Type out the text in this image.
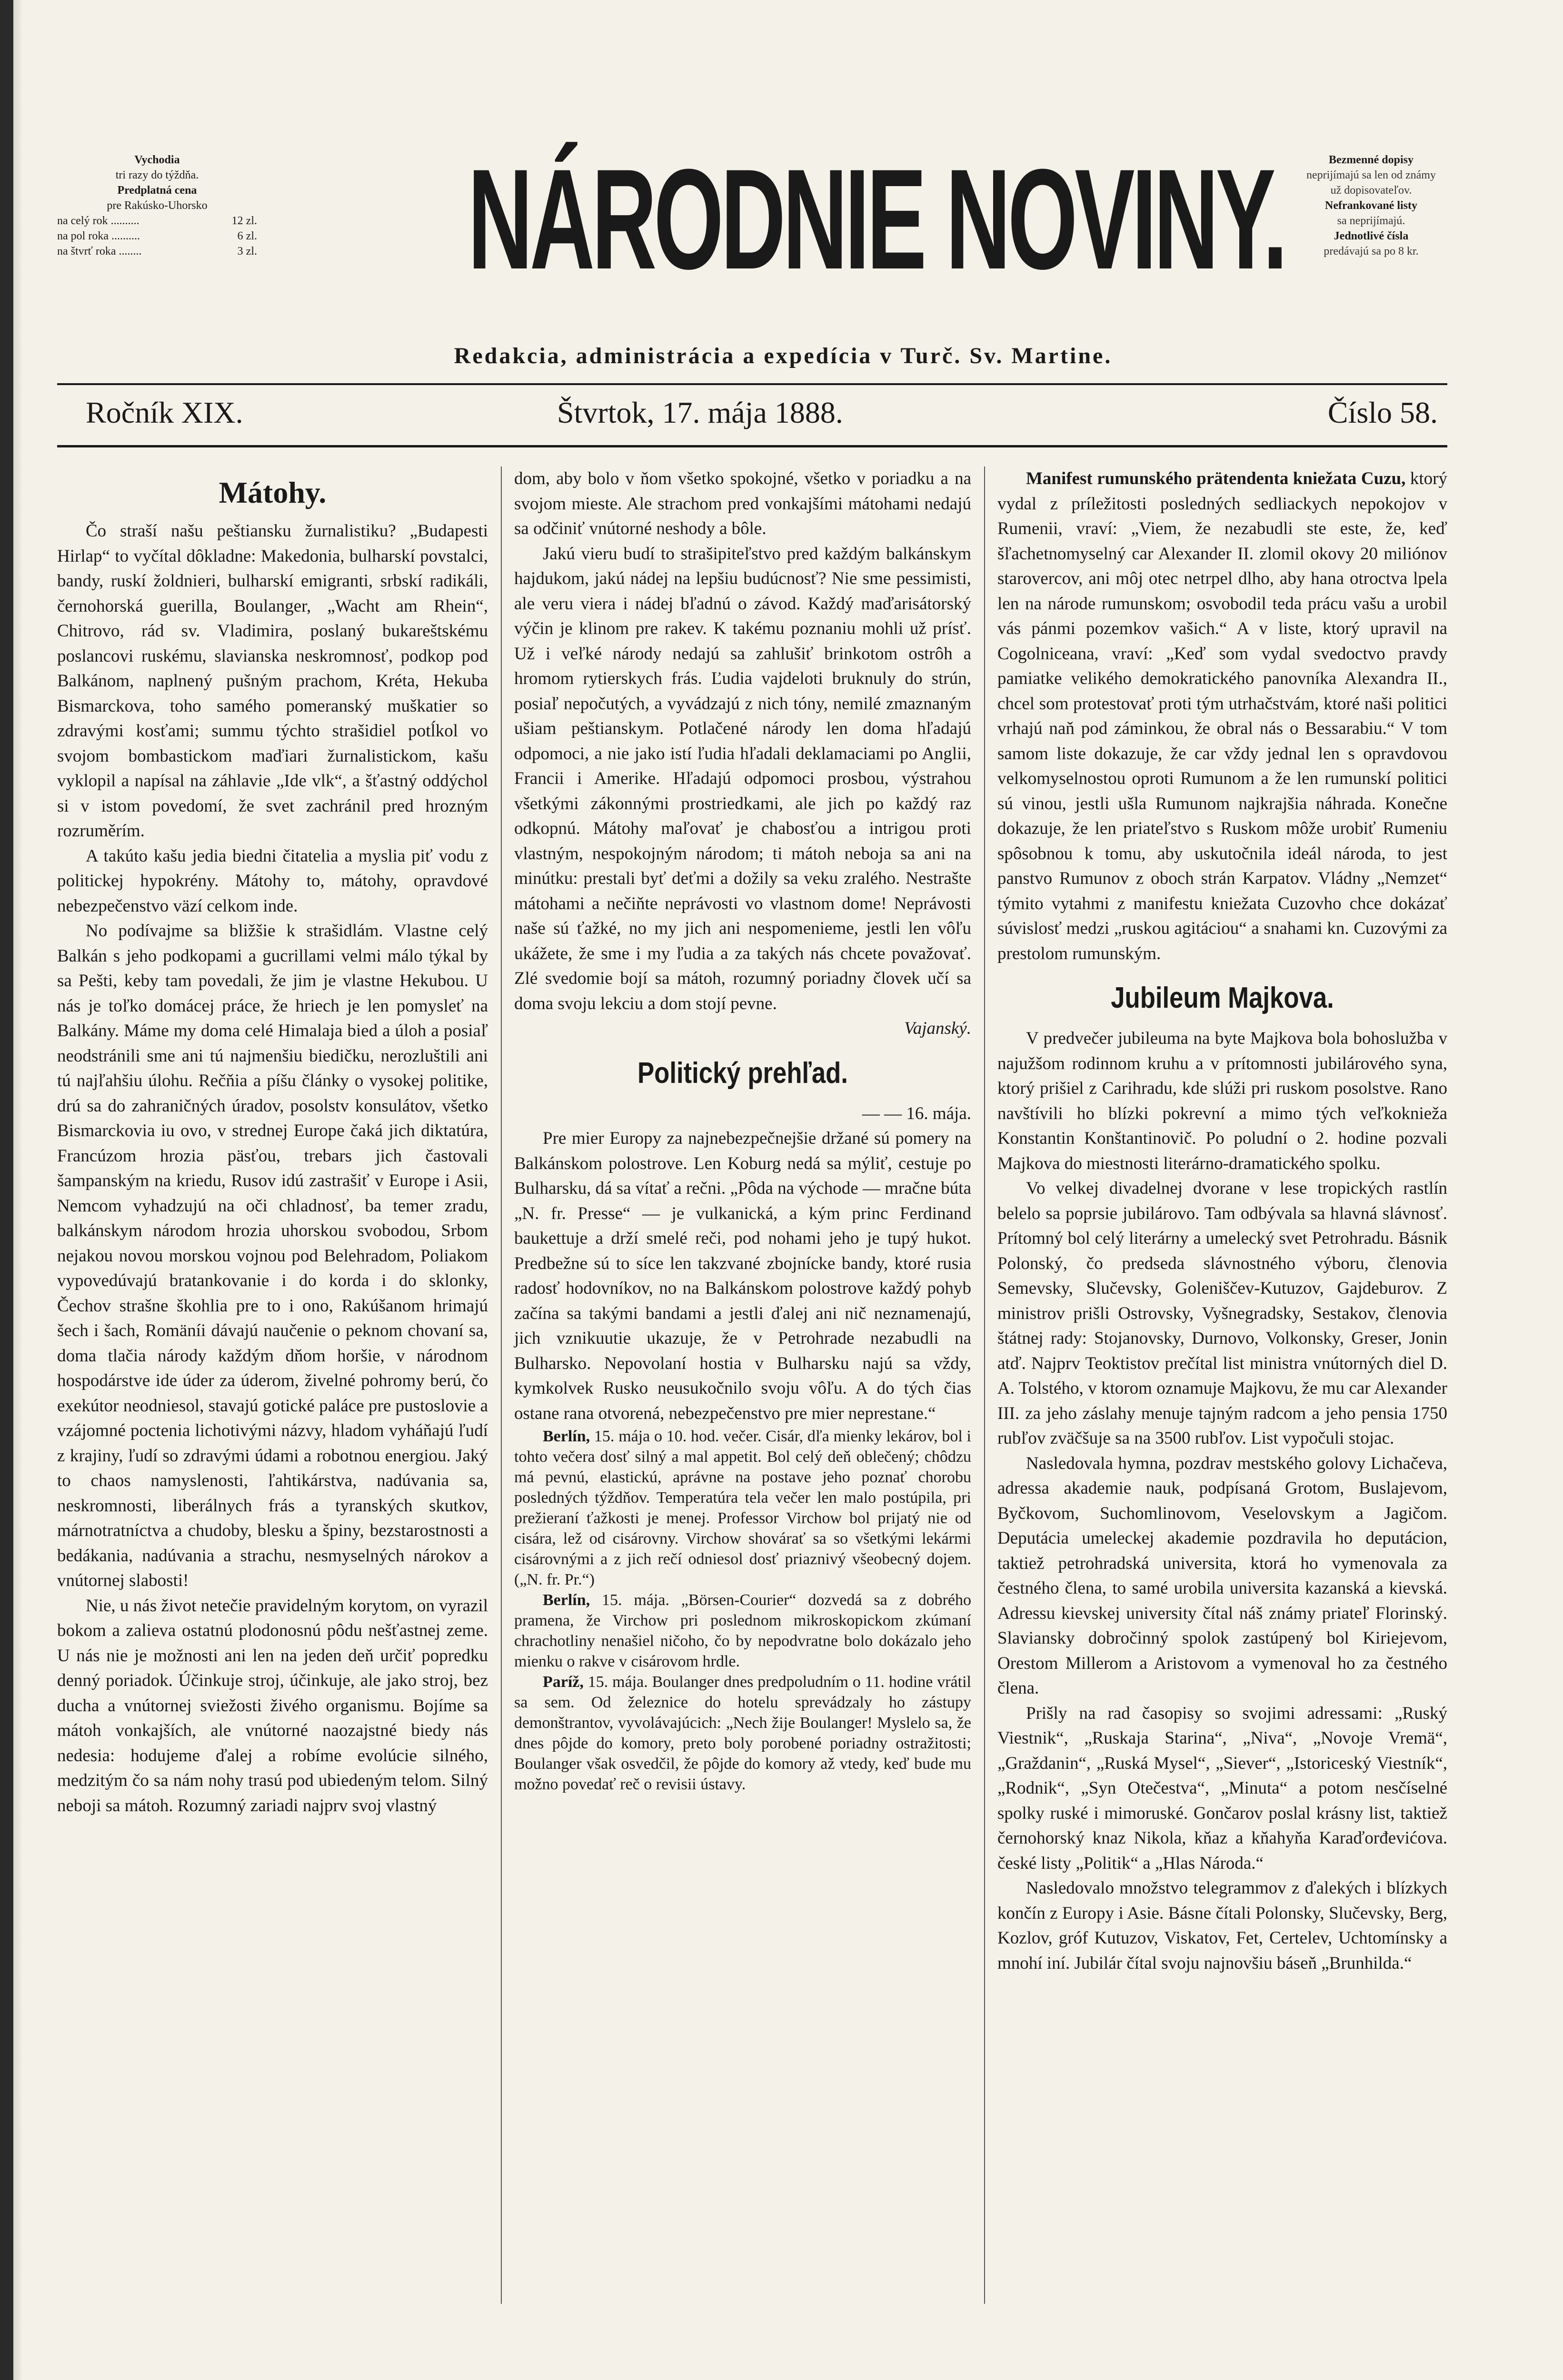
Vychodia
tri razy do týždňa.
Predplatná cena
pre Rakúsko-Uhorsko
na celý rok ..........	12 zl.
na pol roka ..........	6 zl.
na štvrť roka ........	3 zl. NÁRODNIE NOVINY.	Bezmenné dopisy
neprijímajú sa len od známy
už dopisovateľov.
Nefrankované listy
sa neprijímajú.
Jednotlivé čísla
predávajú sa po 8 kr.
Redakcia, administrácia a expedícia v Turč. Sv. Martine.
Ročník XIX.	Štvrtok, 17. mája 1888.	Číslo 58.
Mátohy.

Čo straší našu peštiansku žurnalistiku? „Budapesti Hirlap“ to vyčítal dôkladne: Makedonia, bulharskí povstalci, bandy, ruskí žoldnieri, bulharskí emigranti, srbskí radikáli, černohorská guerilla, Boulanger, „Wacht am Rhein“, Chitrovo, rád sv. Vladimira, poslaný bukareštskému poslancovi ruskému, slavianska neskromnosť, podkop pod Balkánom, naplnený pušným prachom, Kréta, Hekuba Bismarckova, toho samého pomeranský muškatier so zdravými kosťami; summu týchto strašidiel potĺkol vo svojom bombastickom maďiari žurnalistickom, kašu vyklopil a napísal na záhlavie „Ide vlk“, a šťastný oddýchol si v istom povedomí, že svet zachránil pred hrozným rozruměrím.

A takúto kašu jedia biedni čitatelia a myslia piť vodu z politickej hypokrény. Mátohy to, mátohy, opravdové nebezpečenstvo väzí celkom inde.

No podívajme sa bližšie k strašidlám. Vlastne celý Balkán s jeho podkopami a gucrillami velmi málo týkal by sa Pešti, keby tam povedali, že jim je vlastne Hekubou. U nás je toľko domácej práce, že hriech je len pomysleť na Balkány. Máme my doma celé Himalaja bied a úloh a posiaľ neodstránili sme ani tú najmenšiu biedičku, nerozluštili ani tú najľahšiu úlohu. Rečňia a píšu články o vysokej politike, drú sa do zahraničných úradov, posolstv konsulátov, všetko Bismarckovia iu ovo, v strednej Europe čaká jich diktatúra, Francúzom hrozia päsťou, trebars jich častovali šampanským na kriedu, Rusov idú zastrašiť v Europe i Asii, Nemcom vyhadzujú na oči chladnosť, ba temer zradu, balkánskym národom hrozia uhorskou svobodou, Srbom nejakou novou morskou vojnou pod Belehradom, Poliakom vypovedúvajú bratankovanie i do korda i do sklonky, Čechov strašne škohlia pre to i ono, Rakúšanom hrimajú šech i šach, Romäníi dávajú naučenie o peknom chovaní sa, doma tlačia národy každým dňom horšie, v národnom hospodárstve ide úder za úderom, živelné pohromy berú, čo exekútor neodniesol, stavajú gotické paláce pre pustoslovie a vzájomné poctenia lichotivými názvy, hladom vyháňajú ľudí z krajiny, ľudí so zdravými údami a robotnou energiou. Jaký to chaos namyslenosti, ľahtikárstva, nadúvania sa, neskromnosti, liberálnych frás a tyranských skutkov, márnotratníctva a chudoby, blesku a špiny, bezstarostnosti a bedákania, nadúvania a strachu, nesmyselných nárokov a vnútornej slabosti!

Nie, u nás život netečie pravidelným korytom, on vyrazil bokom a zalieva ostatnú plodonosnú pôdu nešťastnej zeme. U nás nie je možnosti ani len na jeden deň určiť popredku denný poriadok. Účinkuje stroj, účinkuje, ale jako stroj, bez ducha a vnútornej sviežosti živého organismu. Bojíme sa mátoh vonkajších, ale vnútorné naozajstné biedy nás nedesia: hodujeme ďalej a robíme evolúcie silného, medzitým čo sa nám nohy trasú pod ubiedeným telom. Silný neboji sa mátoh. Rozumný zariadi najprv svoj vlastný

dom, aby bolo v ňom všetko spokojné, všetko v poriadku a na svojom mieste. Ale strachom pred vonkajšími mátohami nedajú sa odčiniť vnútorné neshody a bôle.

Jakú vieru budí to strašipiteľstvo pred každým balkánskym hajdukom, jakú nádej na lepšiu budúcnosť? Nie sme pessimisti, ale veru viera i nádej bľadnú o závod. Každý maďarisátorský výčin je klinom pre rakev. K takému poznaniu mohli už prísť. Už i veľké národy nedajú sa zahlušiť brinkotom ostrôh a hromom rytierskych frás. Ľudia vajdeloti bruknuly do strún, posiaľ nepočutých, a vyvádzajú z nich tóny, nemilé zmaznaným ušiam peštianskym. Potlačené národy len doma hľadajú odpomoci, a nie jako istí ľudia hľadali deklamaciami po Anglii, Francii i Amerike. Hľadajú odpomoci prosbou, výstrahou všetkými zákonnými prostriedkami, ale jich po každý raz odkopnú. Mátohy maľovať je chabosťou a intrigou proti vlastným, nespokojným národom; ti mátoh neboja sa ani na minútku: prestali byť deťmi a dožily sa veku zralého. Nestrašte mátohami a nečiňte neprávosti vo vlastnom dome! Neprávosti naše sú ťažké, no my jich ani nespomenieme, jestli len vôľu ukážete, že sme i my ľudia a za takých nás chcete považovať. Zlé svedomie bojí sa mátoh, rozumný poriadny človek učí sa doma svoju lekciu a dom stojí pevne.

Vajanský.
Politický prehľad.
— — 16. mája.

Pre mier Europy za najnebezpečnejšie držané sú pomery na Balkánskom polostrove. Len Koburg nedá sa mýliť, cestuje po Bulharsku, dá sa vítať a rečni. „Pôda na východe — mračne búta „N. fr. Presse“ — je vulkanická, a kým princ Ferdinand baukettuje a drží smelé reči, pod nohami jeho je tupý hukot. Predbežne sú to síce len takzvané zbojnícke bandy, ktoré rusia radosť hodovníkov, no na Balkánskom polostrove každý pohyb začína sa takými bandami a jestli ďalej ani nič neznamenajú, jich vznikuutie ukazuje, že v Petrohrade nezabudli na Bulharsko. Nepovolaní hostia v Bulharsku najú sa vždy, kymkolvek Rusko neusukočnilo svoju vôľu. A do tých čias ostane rana otvorená, nebezpečenstvo pre mier neprestane.“

Berlín, 15. mája o 10. hod. večer. Cisár, dľa mienky lekárov, bol i tohto večera dosť silný a mal appetit. Bol celý deň oblečený; chôdzu má pevnú, elastickú, aprávne na postave jeho poznať chorobu posledných týždňov. Temperatúra tela večer len malo postúpila, pri prežieraní ťažkosti je menej. Professor Virchow bol prijatý nie od cisára, lež od cisárovny. Virchow shovárať sa so všetkými lekármi cisárovnými a z jich rečí odniesol dosť priaznivý všeobecný dojem. („N. fr. Pr.“)

Berlín, 15. mája. „Börsen-Courier“ dozvedá sa z dobrého pramena, že Virchow pri poslednom mikroskopickom zkúmaní chrachotliny nenašiel ničoho, čo by nepodvratne bolo dokázalo jeho mienku o rakve v cisárovom hrdle.

Paríž, 15. mája. Boulanger dnes predpoludním o 11. hodine vrátil sa sem. Od železnice do hotelu sprevádzaly ho zástupy demonštrantov, vyvolávajúcich: „Nech žije Boulanger! Myslelo sa, že dnes pôjde do komory, preto boly porobené poriadny ostražitosti; Boulanger však osvedčil, že pôjde do komory až vtedy, keď bude mu možno povedať reč o revisii ústavy.

Manifest rumunského prätendenta kniežata Cuzu, ktorý vydal z príležitosti posledných sedliackych nepokojov v Rumenii, vraví: „Viem, že nezabudli ste este, že, keď šľachetnomyselný car Alexander II. zlomil okovy 20 miliónov starovercov, ani môj otec netrpel dlho, aby hana otroctva lpela len na národe rumunskom; osvobodil teda prácu vašu a urobil vás pánmi pozemkov vašich.“ A v liste, ktorý upravil na Cogolniceana, vraví: „Keď som vydal svedoctvo pravdy pamiatke velikého demokratického panovníka Alexandra II., chcel som protestovať proti tým utrhačstvám, ktoré naši politici vrhajú naň pod záminkou, že obral nás o Bessarabiu.“ V tom samom liste dokazuje, že car vždy jednal len s opravdovou velkomyselnostou oproti Rumunom a že len rumunskí politici sú vinou, jestli ušla Rumunom najkrajšia náhrada. Konečne dokazuje, že len priateľstvo s Ruskom môže urobiť Rumeniu spôsobnou k tomu, aby uskutočnila ideál národa, to jest panstvo Rumunov z oboch strán Karpatov. Vládny „Nemzet“ týmito vytahmi z manifestu kniežata Cuzovho chce dokázať súvislosť medzi „ruskou agitáciou“ a snahami kn. Cuzovými za prestolom rumunským.

Jubileum Majkova.

V predvečer jubileuma na byte Majkova bola bohoslužba v najužšom rodinnom kruhu a v prítomnosti jubilárového syna, ktorý prišiel z Carihradu, kde slúži pri ruskom posolstve. Rano navštívili ho blízki pokrevní a mimo tých veľkoknieža Konstantin Konštantinovič. Po poludní o 2. hodine pozvali Majkova do miestnosti literárno-dramatického spolku.

Vo velkej divadelnej dvorane v lese tropických rastlín belelo sa poprsie jubilárovo. Tam odbývala sa hlavná slávnosť. Prítomný bol celý literárny a umelecký svet Petrohradu. Básnik Polonský, čo predseda slávnostného výboru, členovia Semevsky, Slučevsky, Goleniščev-Kutuzov, Gajdeburov. Z ministrov prišli Ostrovsky, Vyšnegradsky, Sestakov, členovia štátnej rady: Stojanovsky, Durnovo, Volkonsky, Greser, Jonin atď. Najprv Teoktistov prečítal list ministra vnútorných diel D. A. Tolstého, v ktorom oznamuje Majkovu, že mu car Alexander III. za jeho záslahy menuje tajným radcom a jeho pensia 1750 rubľov zväčšuje sa na 3500 rubľov. List vypočuli stojac.

Nasledovala hymna, pozdrav mestského golovy Lichačeva, adressa akademie nauk, podpísaná Grotom, Buslajevom, Byčkovom, Suchomlinovom, Veselovskym a Jagičom. Deputácia umeleckej akademie pozdravila ho deputácion, taktiež petrohradská universita, ktorá ho vymenovala za čestného člena, to samé urobila universita kazanská a kievská. Adressu kievskej university čítal náš známy priateľ Florinský. Slaviansky dobročinný spolok zastúpený bol Kiriejevom, Orestom Millerom a Aristovom a vymenoval ho za čestného člena.

Prišly na rad časopisy so svojimi adressami: „Ruský Viestnik“, „Ruskaja Starina“, „Niva“, „Novoje Vremä“, „Graždanin“, „Ruská Mysel“, „Siever“, „Istoriceský Viestník“, „Rodnik“, „Syn Otečestva“, „Minuta“ a potom nesčíselné spolky ruské i mimoruské. Gončarov poslal krásny list, taktiež černohorský knaz Nikola, kňaz a kňahyňa Karaďorđevićova. české listy „Politik“ a „Hlas Národa.“

Nasledovalo množstvo telegrammov z ďalekých i blízkych končín z Europy i Asie. Básne čítali Polonsky, Slučevsky, Berg, Kozlov, gróf Kutuzov, Viskatov, Fet, Certelev, Uchtomínsky a mnohí iní. Jubilár čítal svoju najnovšiu báseň „Brunhilda.“
